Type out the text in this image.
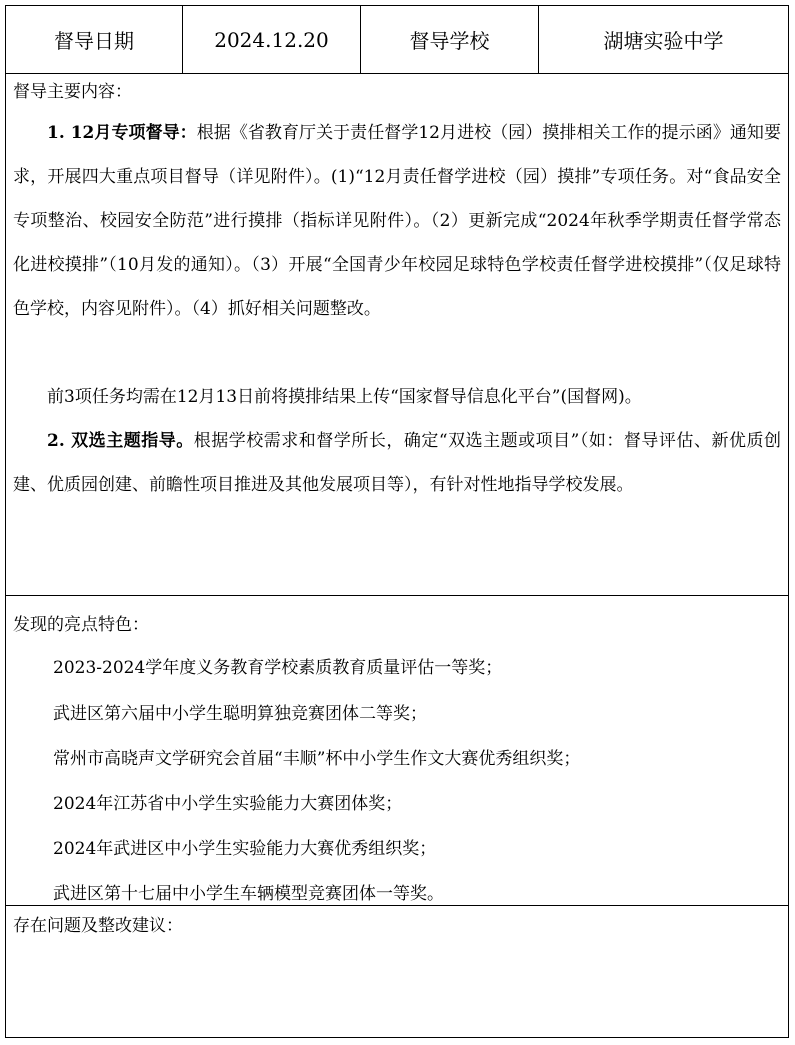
督导日期	2024.12.20	督导学校	湖塘实验中学
督导主要内容：

1. 12月专项督导：根据《省教育厅关于责任督学12月进校（园）摸排相关工作的提示函》通知要求，开展四大重点项目督导（详见附件）。(1)“12月责任督学进校（园）摸排”专项任务。对“食品安全专项整治、校园安全防范”进行摸排（指标详见附件）。（2）更新完成“2024年秋季学期责任督学常态化进校摸排”（10月发的通知）。（3）开展“全国青少年校园足球特色学校责任督学进校摸排”（仅足球特色学校，内容见附件）。（4）抓好相关问题整改。

前3项任务均需在12月13日前将摸排结果上传“国家督导信息化平台”(国督网)。

2. 双选主题指导。根据学校需求和督学所长，确定“双选主题或项目”（如：督导评估、新优质创建、优质园创建、前瞻性项目推进及其他发展项目等），有针对性地指导学校发展。

发现的亮点特色：
2023-2024学年度义务教育学校素质教育质量评估一等奖；
武进区第六届中小学生聪明算独竞赛团体二等奖；
常州市高晓声文学研究会首届“丰顺”杯中小学生作文大赛优秀组织奖；
2024年江苏省中小学生实验能力大赛团体奖；
2024年武进区中小学生实验能力大赛优秀组织奖；
武进区第十七届中小学生车辆模型竞赛团体一等奖。
存在问题及整改建议：
